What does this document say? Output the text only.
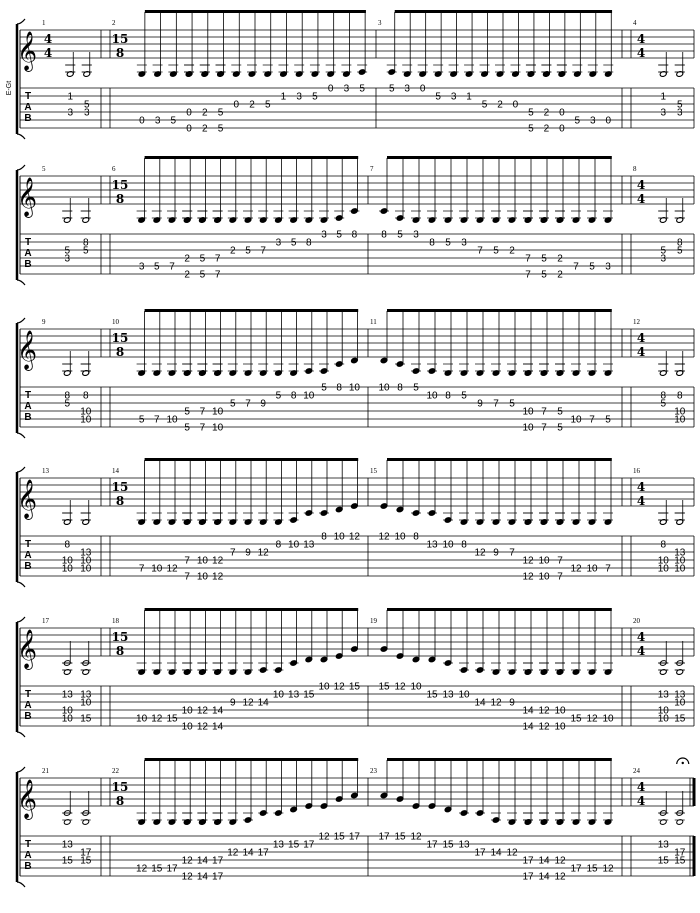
E-Gt
𝄞
T
A
B
1
4
4
1
3
5
3
2
15
8
0 3 5
0
0
2
2
5
5
0 2 5
1 3 5
0 3 5
3
5 3 0
5 3 1
5 2 0
5
5
2
2
0
0
5 3 0
4
4
4
1
3
5
3
𝄞
T
A
B
5
5
3
8
5
6
15
8
3 5 7
2
2
5
5
7
7
2 5 7
3 5 8
3 5 8
7
8 5 3
8 5 3
7 5 2
7
7
5
5
2
2
7 5 3
8
4
4
5
3
8
5
𝄞
T
A
B
9
8
5
8
10
10
10
15
8
5 7 10
5
5
7
7
10
10
5 7 9
5 8 10
5 8 10
11
10 8 5
10 8 5
9 7 5
10
10
7
7
5
5
10 7 5
12
4
4
8
5
8
10
10
𝄞
T
A
B
13
8
10
10
13
10
10
14
15
8
7 10 12
7
7
10
10
12
12
7 9 12
8 10 13
8 10 12
15
12 10 8
13 10 8
12 9 7
12
12
10
10
7
7
12 10 7
16
4
4
8
10
10
13
10
10
𝄞
T
A
B
17
13
10
10
13
10
15
18
15
8
10 12 15
10
10
12
12
14
14
9 12 14
10 13 15
10 12 15
19
15 12 10
15 13 10
14 12 9
14
14
12
12
10
10
15 12 10
20
4
4
13
10
10
13
10
15
𝄞
T
A
B
21
13
15
17
15
22
15
8
12 15 17
12
12
14
14
17
17
12 14 17
13 15 17
12 15 17
23
17 15 12
17 15 13
17 14 12
17
17
14
14
12
12
17 15 12
24
4
4
13
15
17
15
